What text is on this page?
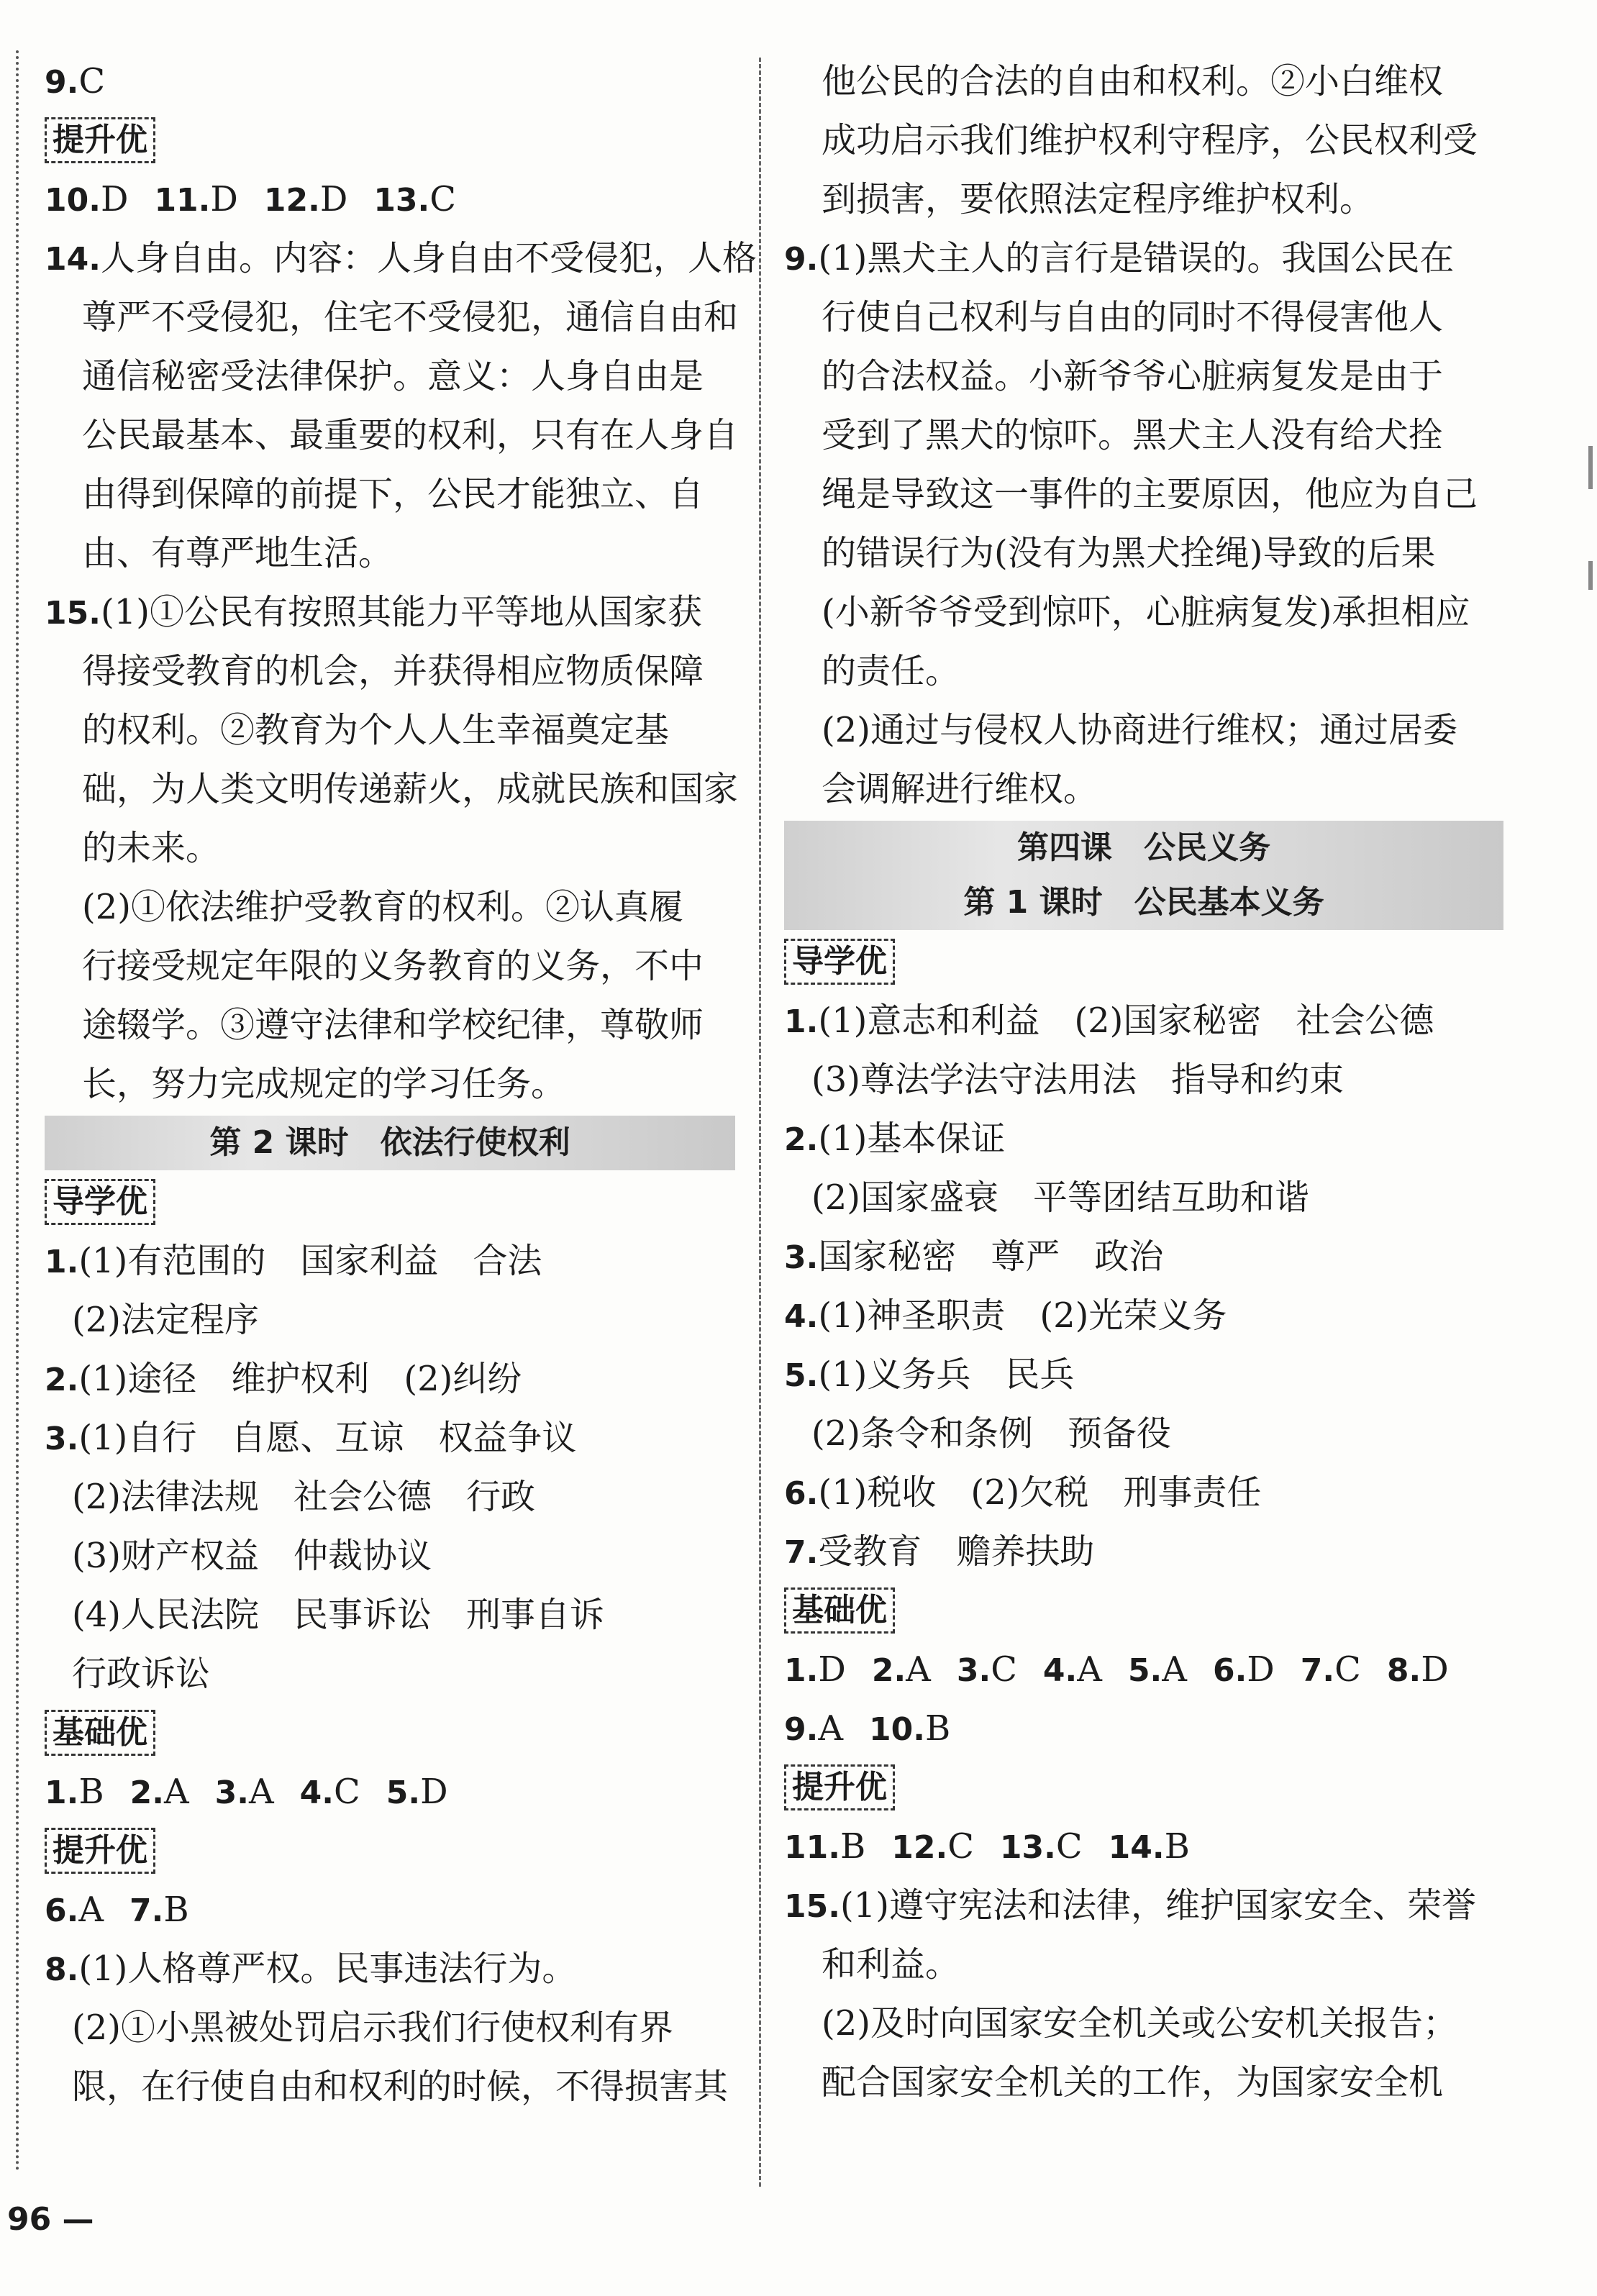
9.C
提升优
10.D 11.D 12.D 13.C
14.人身自由。内容：人身自由不受侵犯，人格
尊严不受侵犯，住宅不受侵犯，通信自由和
通信秘密受法律保护。意义：人身自由是
公民最基本、最重要的权利，只有在人身自
由得到保障的前提下，公民才能独立、自
由、有尊严地生活。
15.(1)①公民有按照其能力平等地从国家获
得接受教育的机会，并获得相应物质保障
的权利。②教育为个人人生幸福奠定基
础，为人类文明传递薪火，成就民族和国家
的未来。
(2)①依法维护受教育的权利。②认真履
行接受规定年限的义务教育的义务，不中
途辍学。③遵守法律和学校纪律，尊敬师
长，努力完成规定的学习任务。
第 2 课时　依法行使权利
导学优
1.(1)有范围的　国家利益　合法
(2)法定程序
2.(1)途径　维护权利　(2)纠纷
3.(1)自行　自愿、互谅　权益争议
(2)法律法规　社会公德　行政
(3)财产权益　仲裁协议
(4)人民法院　民事诉讼　刑事自诉
行政诉讼
基础优
1.B 2.A 3.A 4.C 5.D
提升优
6.A 7.B
8.(1)人格尊严权。民事违法行为。
(2)①小黑被处罚启示我们行使权利有界
限，在行使自由和权利的时候，不得损害其
他公民的合法的自由和权利。②小白维权
成功启示我们维护权利守程序，公民权利受
到损害，要依照法定程序维护权利。
9.(1)黑犬主人的言行是错误的。我国公民在
行使自己权利与自由的同时不得侵害他人
的合法权益。小新爷爷心脏病复发是由于
受到了黑犬的惊吓。黑犬主人没有给犬拴
绳是导致这一事件的主要原因，他应为自己
的错误行为(没有为黑犬拴绳)导致的后果
(小新爷爷受到惊吓，心脏病复发)承担相应
的责任。
(2)通过与侵权人协商进行维权；通过居委
会调解进行维权。
第四课　公民义务
第 1 课时　公民基本义务
导学优
1.(1)意志和利益　(2)国家秘密　社会公德
(3)尊法学法守法用法　指导和约束
2.(1)基本保证
(2)国家盛衰　平等团结互助和谐
3.国家秘密　尊严　政治
4.(1)神圣职责　(2)光荣义务
5.(1)义务兵　民兵
(2)条令和条例　预备役
6.(1)税收　(2)欠税　刑事责任
7.受教育　赡养扶助
基础优
1.D 2.A 3.C 4.A 5.A 6.D 7.C 8.D
9.A 10.B
提升优
11.B 12.C 13.C 14.B
15.(1)遵守宪法和法律，维护国家安全、荣誉
和利益。
(2)及时向国家安全机关或公安机关报告；
配合国家安全机关的工作，为国家安全机
96 —
